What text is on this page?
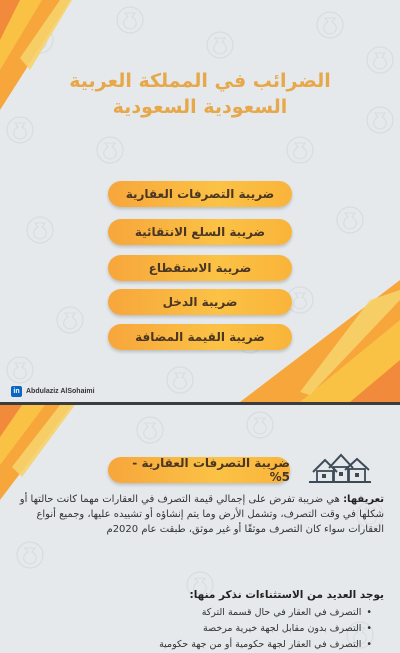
الضرائب في المملكة العربية
السعودية السعودية
ضريبة التصرفات العقارية
ضريبة السلع الانتقائية
ضريبة الاستقطاع
ضريبة الدخل
ضريبة القيمة المضافة
in Abdulaziz AlSohaimi
ضريبة التصرفات العقارية - 5%
تعريفها: هي ضريبة تفرض على إجمالي قيمة التصرف في العقارات مهما كانت حالتها أو شكلها في وقت التصرف، وتشمل الأرض وما يتم إنشاؤه أو تشييده عليها، وجميع أنواع العقارات سواء كان التصرف موثقًا أو غير موثق، طبقت عام 2020م
يوجد العديد من الاستثناءات نذكر منها:
• التصرف في العقار في حال قسمة التركة
• التصرف بدون مقابل لجهة خيرية مرخصة
• التصرف في العقار لجهة حكومية أو من جهة حكومية
